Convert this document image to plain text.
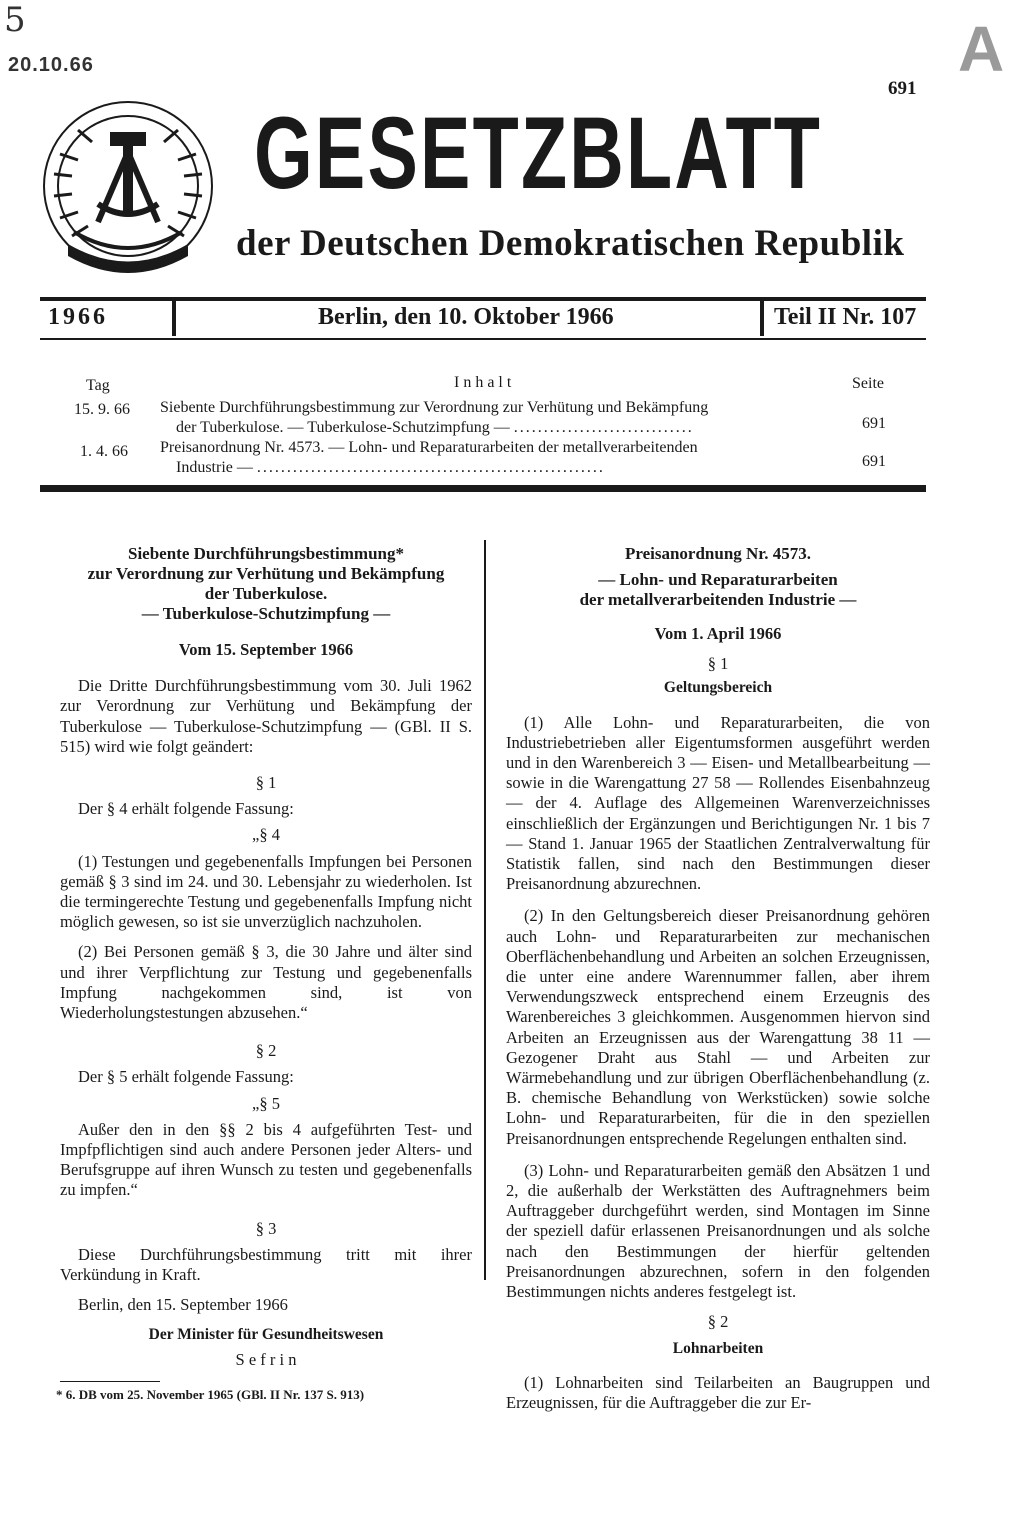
5
20.10.66	A
691
GESETZBLATT
der Deutschen Demokratischen Republik
1966	Berlin, den 10. Oktober 1966	Teil II Nr. 107
Tag	Inhalt	Seite
15. 9. 66 Siebente Durchführungsbestimmung zur Verordnung zur Verhütung und Bekämpfung
der Tuberkulose. — Tuberkulose-Schutzimpfung — ..............................	691
1. 4. 66 Preisanordnung Nr. 4573. — Lohn- und Reparaturarbeiten der metallverarbeitenden
Industrie — ..........................................................	691
Siebente Durchführungsbestimmung*
zur Verordnung zur Verhütung und Bekämpfung
der Tuberkulose.
— Tuberkulose-Schutzimpfung —
Vom 15. September 1966

Die Dritte Durchführungsbestimmung vom 30. Juli 1962 zur Verordnung zur Verhütung und Bekämpfung der Tuberkulose — Tuberkulose-Schutzimpfung — (GBl. II S. 515) wird wie folgt geändert:

§ 1

Der § 4 erhält folgende Fassung:

„§ 4

(1) Testungen und gegebenenfalls Impfungen bei Personen gemäß § 3 sind im 24. und 30. Lebensjahr zu wiederholen. Ist die termingerechte Testung und gegebenenfalls Impfung nicht möglich gewesen, so ist sie unverzüglich nachzuholen.

(2) Bei Personen gemäß § 3, die 30 Jahre und älter sind und ihrer Verpflichtung zur Testung und gegebenenfalls Impfung nachgekommen sind, ist von Wiederholungstestungen abzusehen.“

§ 2

Der § 5 erhält folgende Fassung:

„§ 5

Außer den in den §§ 2 bis 4 aufgeführten Test- und Impfpflichtigen sind auch andere Personen jeder Alters- und Berufsgruppe auf ihren Wunsch zu testen und gegebenenfalls zu impfen.“

§ 3

Diese Durchführungsbestimmung tritt mit ihrer Verkündung in Kraft.

Berlin, den 15. September 1966

Der Minister für Gesundheitswesen
S e f r i n
* 6. DB vom 25. November 1965 (GBl. II Nr. 137 S. 913)
Preisanordnung Nr. 4573.
— Lohn- und Reparaturarbeiten
der metallverarbeitenden Industrie —
Vom 1. April 1966
§ 1
Geltungsbereich

(1) Alle Lohn- und Reparaturarbeiten, die von Industriebetrieben aller Eigentumsformen ausgeführt werden und in den Warenbereich 3 — Eisen- und Metallbearbeitung — sowie in die Warengattung 27 58 — Rollendes Eisenbahnzeug — der 4. Auflage des Allgemeinen Warenverzeichnisses einschließlich der Ergänzungen und Berichtigungen Nr. 1 bis 7 — Stand 1. Januar 1965 der Staatlichen Zentralverwaltung für Statistik fallen, sind nach den Bestimmungen dieser Preisanordnung abzurechnen.

(2) In den Geltungsbereich dieser Preisanordnung gehören auch Lohn- und Reparaturarbeiten zur mechanischen Oberflächenbehandlung und Arbeiten an solchen Erzeugnissen, die unter eine andere Warennummer fallen, aber ihrem Verwendungszweck entsprechend einem Erzeugnis des Warenbereiches 3 gleichkommen. Ausgenommen hiervon sind Arbeiten an Erzeugnissen aus der Warengattung 38 11 — Gezogener Draht aus Stahl — und Arbeiten zur Wärmebehandlung und zur übrigen Oberflächenbehandlung (z. B. chemische Behandlung von Werkstücken) sowie solche Lohn- und Reparaturarbeiten, für die in den speziellen Preisanordnungen entsprechende Regelungen enthalten sind.

(3) Lohn- und Reparaturarbeiten gemäß den Absätzen 1 und 2, die außerhalb der Werkstätten des Auftragnehmers beim Auftraggeber durchgeführt werden, sind Montagen im Sinne der speziell dafür erlassenen Preisanordnungen und als solche nach den Bestimmungen der hierfür geltenden Preisanordnungen abzurechnen, sofern in den folgenden Bestimmungen nichts anderes festgelegt ist.

§ 2
Lohnarbeiten

(1) Lohnarbeiten sind Teilarbeiten an Baugruppen und Erzeugnissen, für die Auftraggeber die zur Er-
